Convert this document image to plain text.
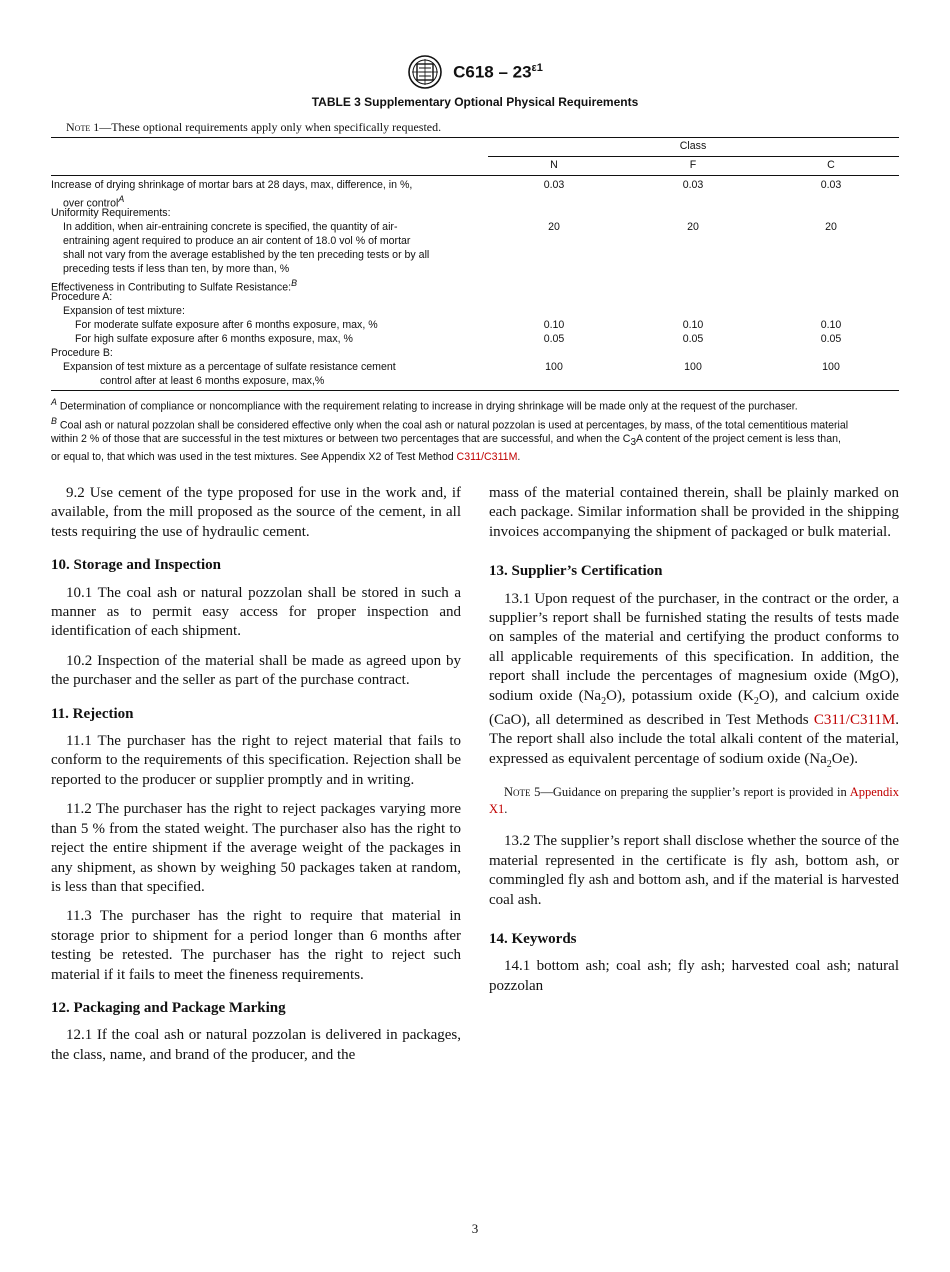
$C618 - 23^{\varepsilon 1}$
TABLE 3 Supplementary Optional Physical Requirements
Note 1—These optional requirements apply only when specifically requested.
Class
N	F	C
Increase of drying shrinkage of mortar bars at 28 days, max, difference, in %,
over control$^A$
0.03	0.03	0.03
Uniformity Requirements:
In addition, when air-entraining concrete is specified, the quantity of air-
entraining agent required to produce an air content of 18.0 vol % of mortar
shall not vary from the average established by the ten preceding tests or by all
preceding tests if less than ten, by more than, %
20	20	20
Effectiveness in Contributing to Sulfate Resistance:$^B$
Procedure A:
Expansion of test mixture:
For moderate sulfate exposure after 6 months exposure, max, %	0.10	0.10	0.10
For high sulfate exposure after 6 months exposure, max, %	0.05	0.05	0.05
Procedure B:
Expansion of test mixture as a percentage of sulfate resistance cement
control after at least 6 months exposure, max,%
100	100	100
$^A$ Determination of compliance or noncompliance with the requirement relating to increase in drying shrinkage will be made only at the request of the purchaser.
$^B$ Coal ash or natural pozzolan shall be considered effective only when the coal ash or natural pozzolan is used at percentages, by mass, of the total cementitious material
within 2 % of those that are successful in the test mixtures or between two percentages that are successful, and when the $C_3A$ content of the project cement is less than,
or equal to, that which was used in the test mixtures. See Appendix X2 of Test Method C311/C311M.

9.2 Use cement of the type proposed for use in the work and, if available, from the mill proposed as the source of the cement, in all tests requiring the use of hydraulic cement.

10. Storage and Inspection

10.1 The coal ash or natural pozzolan shall be stored in such a manner as to permit easy access for proper inspection and identification of each shipment.

10.2 Inspection of the material shall be made as agreed upon by the purchaser and the seller as part of the purchase contract.

11. Rejection

11.1 The purchaser has the right to reject material that fails to conform to the requirements of this specification. Rejection shall be reported to the producer or supplier promptly and in writing.

11.2 The purchaser has the right to reject packages varying more than 5 % from the stated weight. The purchaser also has the right to reject the entire shipment if the average weight of the packages in any shipment, as shown by weighing 50 packages taken at random, is less than that specified.

11.3 The purchaser has the right to require that material in storage prior to shipment for a period longer than 6 months after testing be retested. The purchaser has the right to reject such material if it fails to meet the fineness requirements.

12. Packaging and Package Marking

12.1 If the coal ash or natural pozzolan is delivered in packages, the class, name, and brand of the producer, and the

mass of the material contained therein, shall be plainly marked on each package. Similar information shall be provided in the shipping invoices accompanying the shipment of packaged or bulk material.

13. Supplier’s Certification

13.1 Upon request of the purchaser, in the contract or the order, a supplier’s report shall be furnished stating the results of tests made on samples of the material and certifying the product conforms to all applicable requirements of this specification. In addition, the report shall include the percentages of magnesium oxide (MgO), sodium oxide $(Na_2O)$, potassium oxide $(K_2O)$, and calcium oxide (CaO), all determined as described in Test Methods C311/C311M. The report shall also include the total alkali content of the material, expressed as equivalent percentage of sodium oxide $(Na_2Oe)$.

Note 5—Guidance on preparing the supplier’s report is provided in Appendix X1.

13.2 The supplier’s report shall disclose whether the source of the material represented in the certificate is fly ash, bottom ash, or commingled fly ash and bottom ash, and if the material is harvested coal ash.

14. Keywords

14.1 bottom ash; coal ash; fly ash; harvested coal ash; natural pozzolan

3
